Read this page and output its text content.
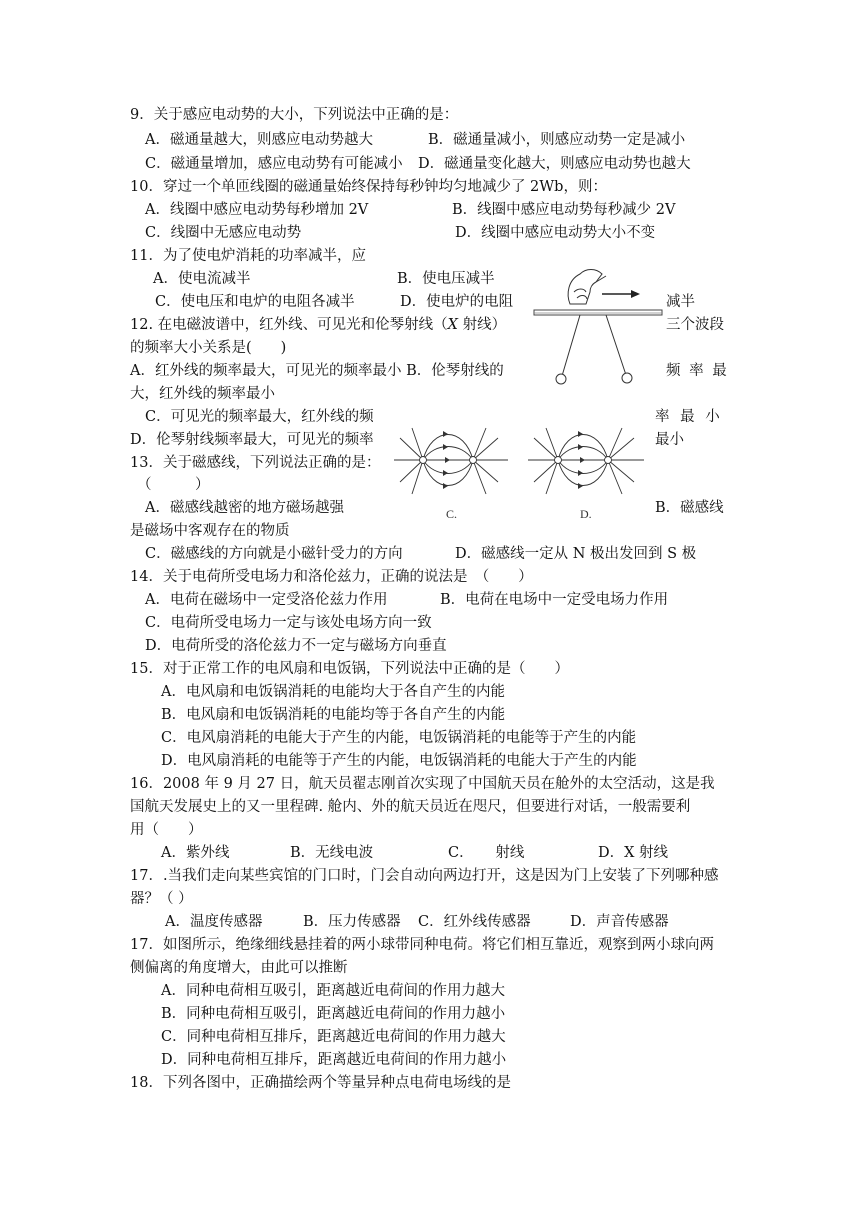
9．关于感应电动势的大小，下列说法中正确的是：
A．磁通量越大，则感应电动势越大	B．磁通量减小，则感应动势一定是减小
C．磁通量增加，感应电动势有可能减小 D．磁通量变化越大，则感应电动势也越大
10．穿过一个单匝线圈的磁通量始终保持每秒钟均匀地减少了 2Wb，则：
A．线圈中感应电动势每秒增加 2V	B．线圈中感应电动势每秒减少 2V
C．线圈中无感应电动势	D．线圈中感应电动势大小不变
11．为了使电炉消耗的功率减半，应
A．使电流减半	B．使电压减半
C．使电压和电炉的电阻各减半	D．使电炉的电阻	减半
12. 在电磁波谱中，红外线、可见光和伦琴射线（X 射线）	三个波段
的频率大小关系是(　　)
A．红外线的频率最大，可见光的频率最小 B．伦琴射线的	频 率 最
大，红外线的频率最小
C．可见光的频率最大，红外线的频	率 最 小
D．伦琴射线频率最大，可见光的频率	最小
13．关于磁感线，下列说法正确的是：
（　　　）
A．磁感线越密的地方磁场越强	B．磁感线
是磁场中客观存在的物质
C．磁感线的方向就是小磁针受力的方向	D．磁感线一定从 N 极出发回到 S 极
14．关于电荷所受电场力和洛伦兹力，正确的说法是　（　　）
A．电荷在磁场中一定受洛伦兹力作用	B．电荷在电场中一定受电场力作用
C．电荷所受电场力一定与该处电场方向一致
D．电荷所受的洛伦兹力不一定与磁场方向垂直
15．对于正常工作的电风扇和电饭锅，下列说法中正确的是（　　）
A．电风扇和电饭锅消耗的电能均大于各自产生的内能
B．电风扇和电饭锅消耗的电能均等于各自产生的内能
C．电风扇消耗的电能大于产生的内能，电饭锅消耗的电能等于产生的内能
D．电风扇消耗的电能等于产生的内能，电饭锅消耗的电能大于产生的内能
16．2008 年 9 月 27 日，航天员翟志刚首次实现了中国航天员在舱外的太空活动，这是我
国航天发展史上的又一里程碑. 舱内、外的航天员近在咫尺，但要进行对话，一般需要利
用（　　）
A．紫外线	B．无线电波	C．　　射线	D．X 射线
17．.当我们走向某些宾馆的门口时，门会自动向两边打开，这是因为门上安装了下列哪种感
器？（ ）
A．温度传感器	B．压力传感器 C．红外线传感器	D．声音传感器
17．如图所示，绝缘细线悬挂着的两小球带同种电荷。将它们相互靠近，观察到两小球向两
侧偏离的角度增大，由此可以推断
A．同种电荷相互吸引，距离越近电荷间的作用力越大
B．同种电荷相互吸引，距离越近电荷间的作用力越小
C．同种电荷相互排斥，距离越近电荷间的作用力越大
D．同种电荷相互排斥，距离越近电荷间的作用力越小
18．下列各图中，正确描绘两个等量异种点电荷电场线的是
C.	D.
